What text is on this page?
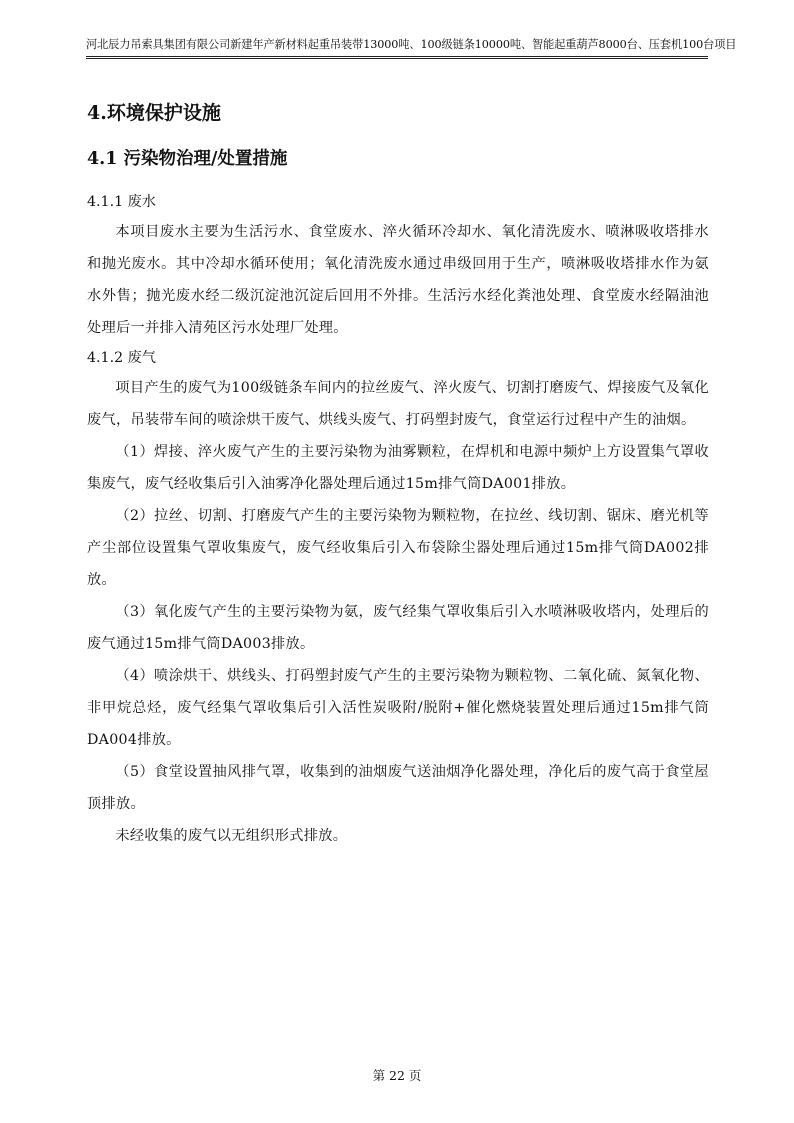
河北辰力吊索具集团有限公司新建年产新材料起重吊装带13000吨、100级链条10000吨、智能起重葫芦8000台、压套机100台项目
4.环境保护设施
4.1 污染物治理/处置措施

4.1.1 废水

本项目废水主要为生活污水、食堂废水、淬火循环冷却水、氧化清洗废水、喷淋吸收塔排水和抛光废水。其中冷却水循环使用；氧化清洗废水通过串级回用于生产，喷淋吸收塔排水作为氨水外售；抛光废水经二级沉淀池沉淀后回用不外排。生活污水经化粪池处理、食堂废水经隔油池处理后一并排入清苑区污水处理厂处理。

4.1.2 废气

项目产生的废气为100级链条车间内的拉丝废气、淬火废气、切割打磨废气、焊接废气及氧化废气，吊装带车间的喷涂烘干废气、烘线头废气、打码塑封废气，食堂运行过程中产生的油烟。

（1）焊接、淬火废气产生的主要污染物为油雾颗粒，在焊机和电源中频炉上方设置集气罩收集废气，废气经收集后引入油雾净化器处理后通过15m排气筒DA001排放。

（2）拉丝、切割、打磨废气产生的主要污染物为颗粒物，在拉丝、线切割、锯床、磨光机等产尘部位设置集气罩收集废气，废气经收集后引入布袋除尘器处理后通过15m排气筒DA002排放。

（3）氧化废气产生的主要污染物为氨，废气经集气罩收集后引入水喷淋吸收塔内，处理后的废气通过15m排气筒DA003排放。

（4）喷涂烘干、烘线头、打码塑封废气产生的主要污染物为颗粒物、二氧化硫、氮氧化物、非甲烷总烃，废气经集气罩收集后引入活性炭吸附/脱附+催化燃烧装置处理后通过15m排气筒DA004排放。

（5）食堂设置抽风排气罩，收集到的油烟废气送油烟净化器处理，净化后的废气高于食堂屋顶排放。

未经收集的废气以无组织形式排放。

第 22 页
